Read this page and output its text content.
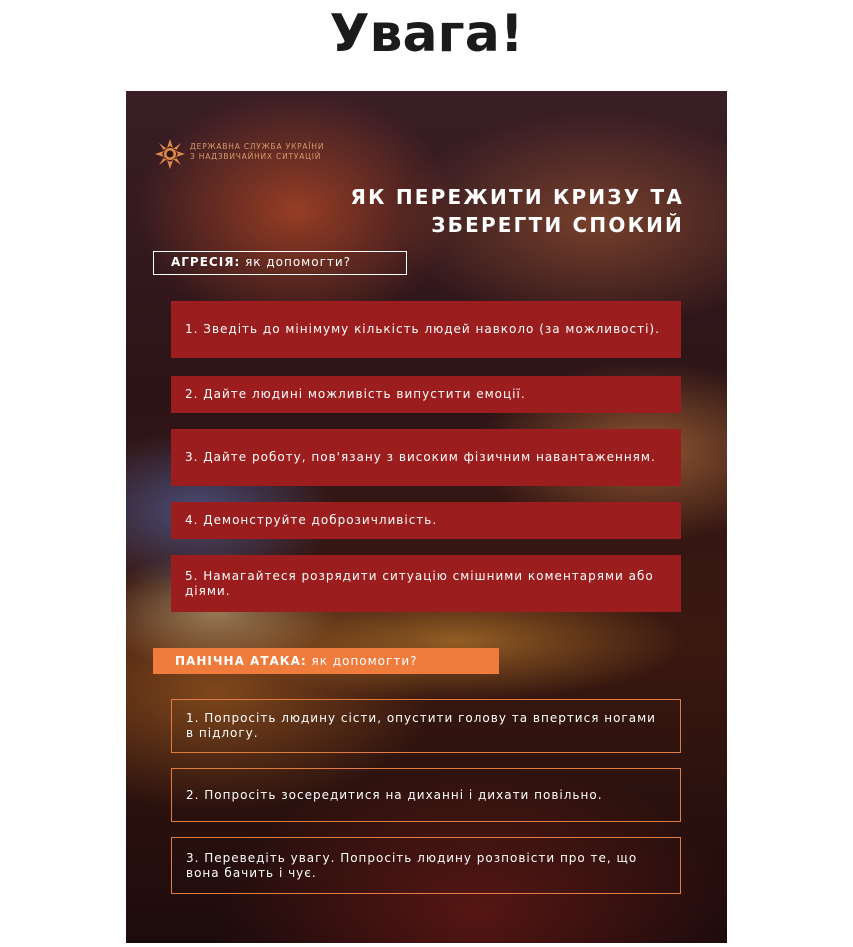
Увага!
ДЕРЖАВНА СЛУЖБА УКРАЇНИ
З НАДЗВИЧАЙНИХ СИТУАЦІЙ
ЯК ПЕРЕЖИТИ КРИЗУ ТА
ЗБЕРЕГТИ СПОКИЙ
АГРЕСІЯ: як допомогти?
1. Зведіть до мінімуму кількість людей навколо (за можливості).
2. Дайте людині можливість випустити емоції.
3. Дайте роботу, пов'язану з високим фізичним навантаженням.
4. Демонструйте доброзичливість.
5. Намагайтеся розрядити ситуацію смішними коментарями або діями.
ПАНІЧНА АТАКА: як допомогти?
1. Попросіть людину сісти, опустити голову та впертися ногами в підлогу.
2. Попросіть зосередитися на диханні і дихати повільно.
3. Переведіть увагу. Попросіть людину розповісти про те, що вона бачить і чує.
